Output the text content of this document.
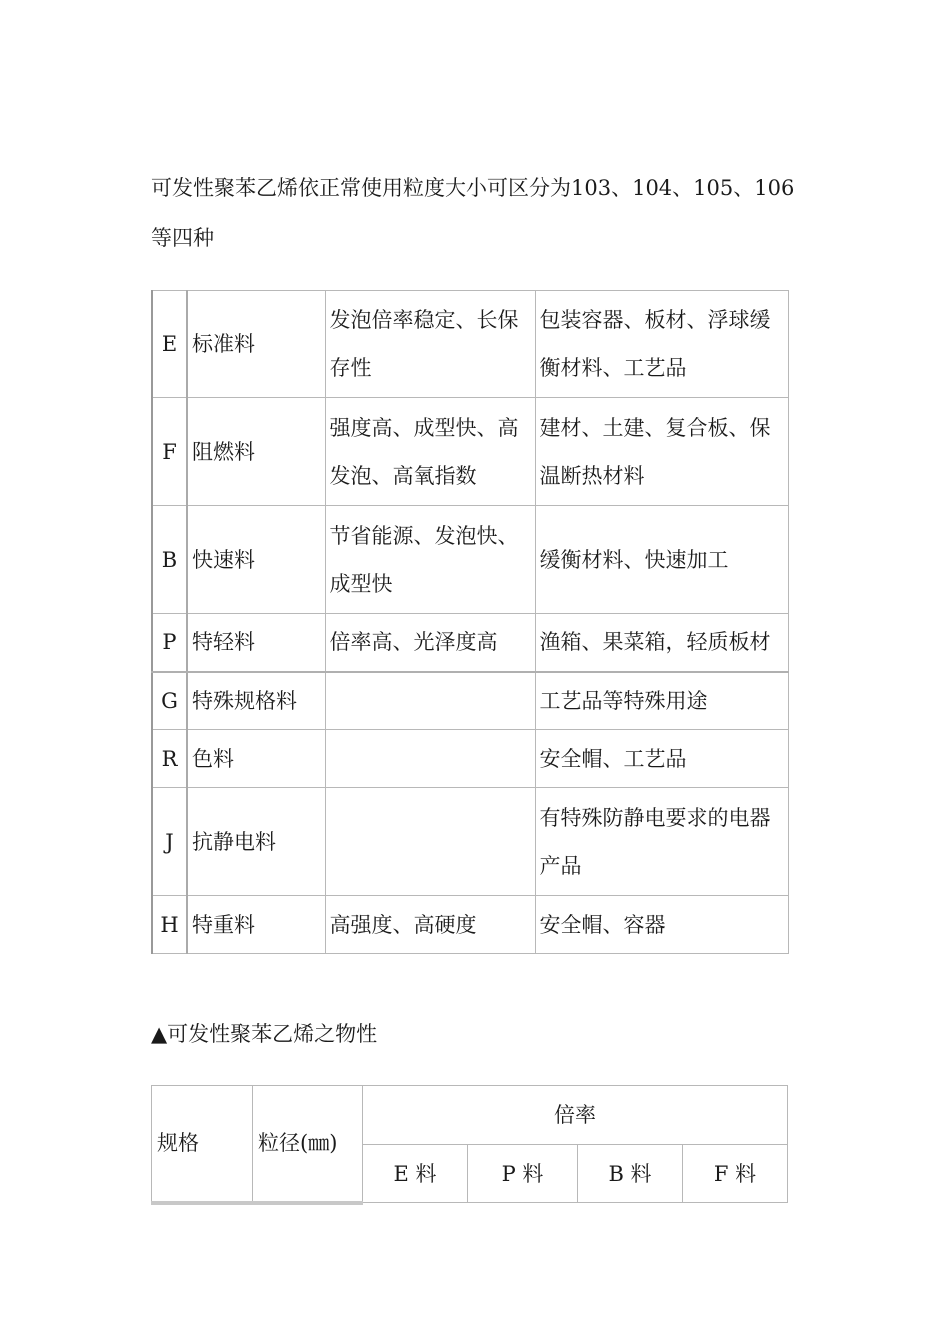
可发性聚苯乙烯依正常使用粒度大小可区分为103、104、105、106等四种

E	标准料	发泡倍率稳定、长保存性	包装容器、板材、浮球缓衡材料、工艺品
F	阻燃料	强度高、成型快、高发泡、高氧指数	建材、土建、复合板、保温断热材料
B	快速料	节省能源、发泡快、成型快	缓衡材料、快速加工
P	特轻料	倍率高、光泽度高	渔箱、果菜箱，轻质板材
G	特殊规格料		工艺品等特殊用途
R	色料		安全帽、工艺品
J	抗静电料		有特殊防静电要求的电器产品
H	特重料	高强度、高硬度	安全帽、容器

▲可发性聚苯乙烯之物性

规格	粒径(㎜)	倍率			
		E 料	P 料	B 料	F 料
